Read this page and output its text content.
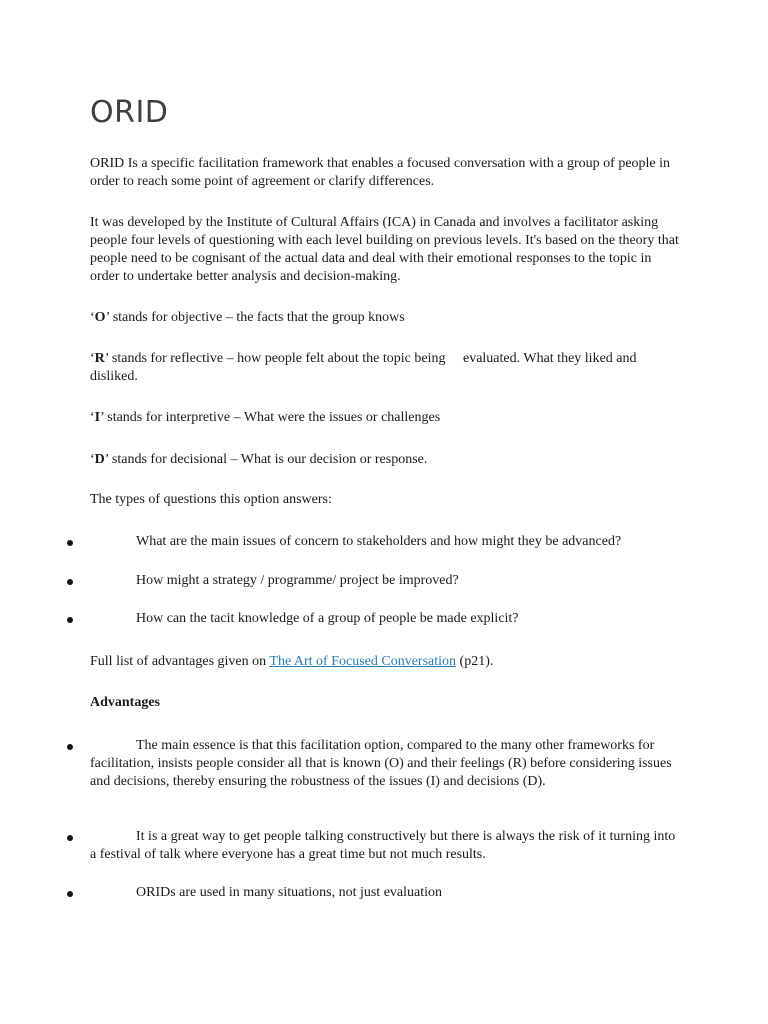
ORID

ORID Is a specific facilitation framework that enables a focused conversation with a group of people in order to reach some point of agreement or clarify differences.

It was developed by the Institute of Cultural Affairs (ICA) in Canada and involves a facilitator asking people four levels of questioning with each level building on previous levels. It's based on the theory that people need to be cognisant of the actual data and deal with their emotional responses to the topic in order to undertake better analysis and decision-making.

‘O’ stands for objective – the facts that the group knows

‘R’ stands for reflective – how people felt about the topic being     evaluated. What they liked and disliked.

‘I’ stands for interpretive – What were the issues or challenges

‘D’ stands for decisional – What is our decision or response.

The types of questions this option answers:

What are the main issues of concern to stakeholders and how might they be advanced?

How might a strategy / programme/ project be improved?

How can the tacit knowledge of a group of people be made explicit?

Full list of advantages given on The Art of Focused Conversation (p21).

Advantages

The main essence is that this facilitation option, compared to the many other frameworks for facilitation, insists people consider all that is known (O) and their feelings (R) before considering issues and decisions, thereby ensuring the robustness of the issues (I) and decisions (D).

It is a great way to get people talking constructively but there is always the risk of it turning into a festival of talk where everyone has a great time but not much results.

ORIDs are used in many situations, not just evaluation
